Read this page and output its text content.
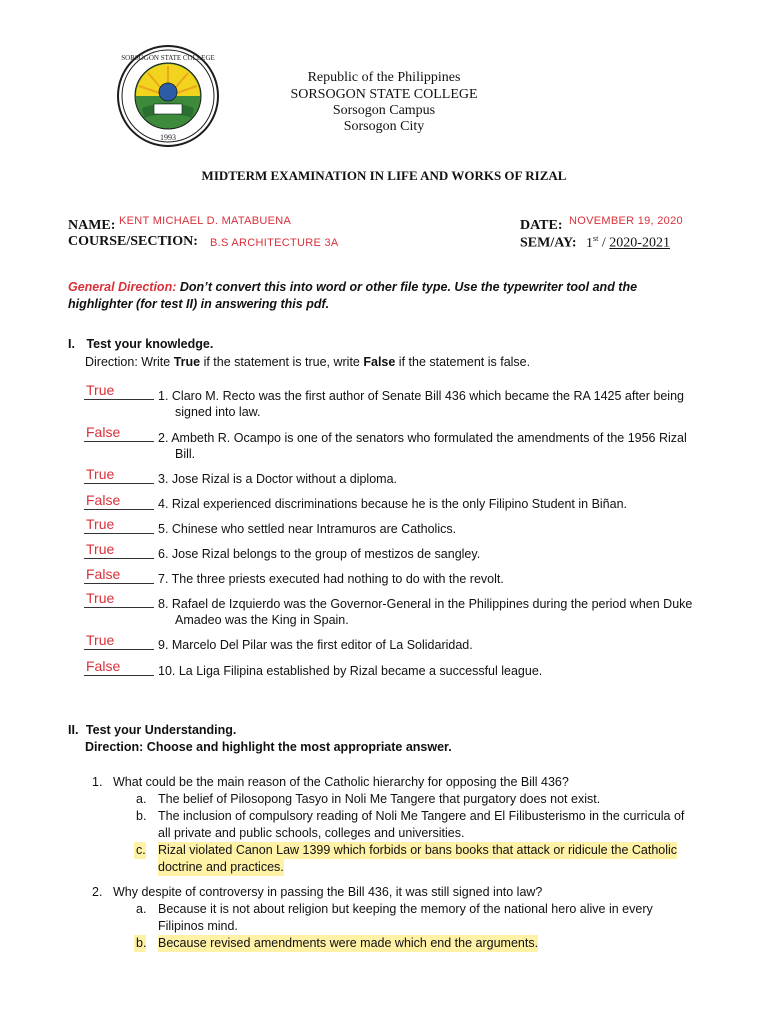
SORSOGON STATE COLLEGE
1993
Republic of the Philippines
SORSOGON STATE COLLEGE
Sorsogon Campus
Sorsogon City
MIDTERM EXAMINATION IN LIFE AND WORKS OF RIZAL
NAME: KENT MICHAEL D. MATABUENA
COURSE/SECTION: B.S ARCHITECTURE 3A
DATE: NOVEMBER 19, 2020
SEM/AY: 1st / 2020-2021
General Direction: Don’t convert this into word or other file type. Use the typewriter tool and the highlighter (for test II) in answering this pdf.
I. Test your knowledge.
Direction: Write True if the statement is true, write False if the statement is false.
True	1. Claro M. Recto was the first author of Senate Bill 436 which became the RA 1425 after being
signed into law.
False	2. Ambeth R. Ocampo is one of the senators who formulated the amendments of the 1956 Rizal
Bill.
True	3. Jose Rizal is a Doctor without a diploma.
False	4. Rizal experienced discriminations because he is the only Filipino Student in Biñan.
True	5. Chinese who settled near Intramuros are Catholics.
True	6. Jose Rizal belongs to the group of mestizos de sangley.
False	7. The three priests executed had nothing to do with the revolt.
True	8. Rafael de Izquierdo was the Governor-General in the Philippines during the period when Duke
Amadeo was the King in Spain.
True	9. Marcelo Del Pilar was the first editor of La Solidaridad.
False	10. La Liga Filipina established by Rizal became a successful league.
II. Test your Understanding.
Direction: Choose and highlight the most appropriate answer.
1. What could be the main reason of the Catholic hierarchy for opposing the Bill 436?
a. The belief of Pilosopong Tasyo in Noli Me Tangere that purgatory does not exist.
b. The inclusion of compulsory reading of Noli Me Tangere and El Filibusterismo in the curricula of
all private and public schools, colleges and universities.
c. Rizal violated Canon Law 1399 which forbids or bans books that attack or ridicule the Catholic
doctrine and practices.
2. Why despite of controversy in passing the Bill 436, it was still signed into law?
a. Because it is not about religion but keeping the memory of the national hero alive in every
Filipinos mind.
b. Because revised amendments were made which end the arguments.
